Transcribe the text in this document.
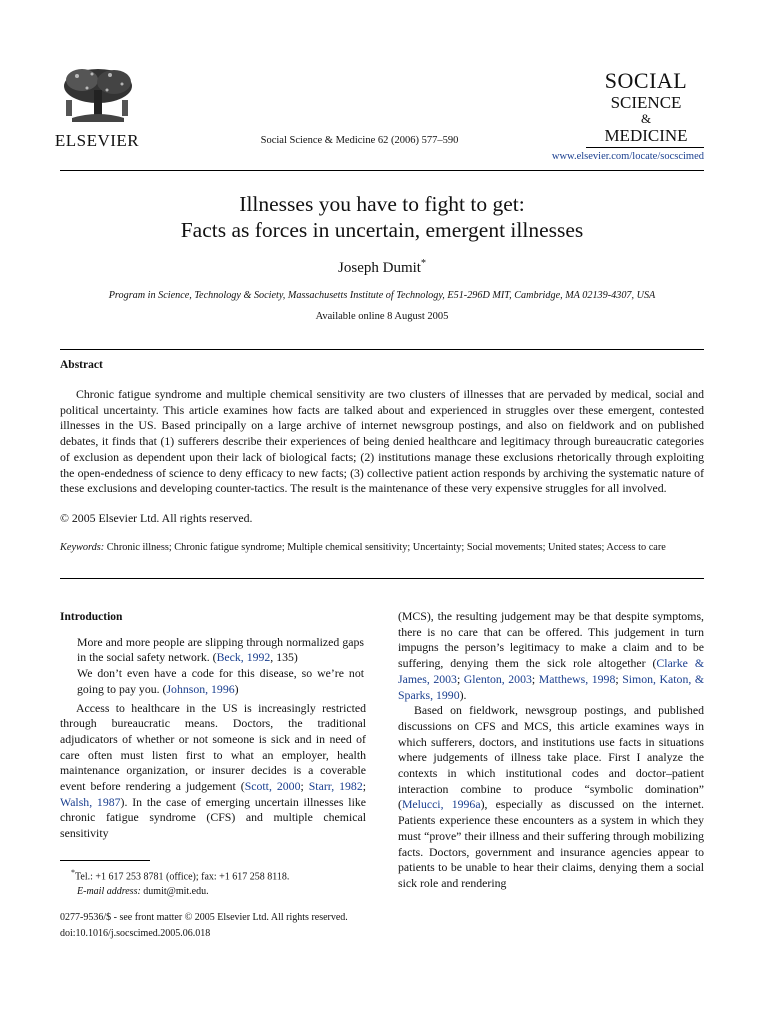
ELSEVIER	Social Science & Medicine 62 (2006) 577–590
SOCIAL
SCIENCE
&
MEDICINE
www.elsevier.com/locate/socscimed
Illnesses you have to fight to get:
Facts as forces in uncertain, emergent illnesses
Joseph Dumit*
Program in Science, Technology & Society, Massachusetts Institute of Technology, E51-296D MIT, Cambridge, MA 02139-4307, USA
Available online 8 August 2005
Abstract

Chronic fatigue syndrome and multiple chemical sensitivity are two clusters of illnesses that are pervaded by medical, social and political uncertainty. This article examines how facts are talked about and experienced in struggles over these emergent, contested illnesses in the US. Based principally on a large archive of internet newsgroup postings, and also on fieldwork and on published debates, it finds that (1) sufferers describe their experiences of being denied healthcare and legitimacy through bureaucratic categories of exclusion as dependent upon their lack of biological facts; (2) institutions manage these exclusions rhetorically through exploiting the open-endedness of science to deny efficacy to new facts; (3) collective patient action responds by archiving the systematic nature of these exclusions and developing counter-tactics. The result is the maintenance of these very expensive struggles for all involved.

© 2005 Elsevier Ltd. All rights reserved.
Keywords: Chronic illness; Chronic fatigue syndrome; Multiple chemical sensitivity; Uncertainty; Social movements; United states; Access to care
Introduction
More and more people are slipping through normalized gaps in the social safety network. (Beck, 1992, 135)
We don’t even have a code for this disease, so we’re not going to pay you. (Johnson, 1996)

Access to healthcare in the US is increasingly restricted through bureaucratic means. Doctors, the traditional adjudicators of whether or not someone is sick and in need of care often must listen first to what an employer, health maintenance organization, or insurer decides is a coverable event before rendering a judgement (Scott, 2000; Starr, 1982; Walsh, 1987). In the case of emerging uncertain illnesses like chronic fatigue syndrome (CFS) and multiple chemical sensitivity

*Tel.: +1 617 253 8781 (office); fax: +1 617 258 8118.
E-mail address: dumit@mit.edu.

(MCS), the resulting judgement may be that despite symptoms, there is no care that can be offered. This judgement in turn impugns the person’s legitimacy to make a claim and to be suffering, denying them the sick role altogether (Clarke & James, 2003; Glenton, 2003; Matthews, 1998; Simon, Katon, & Sparks, 1990).

Based on fieldwork, newsgroup postings, and published discussions on CFS and MCS, this article examines ways in which sufferers, doctors, and institutions use facts in situations where judgements of illness take place. First I analyze the contexts in which institutional codes and doctor–patient interaction combine to produce “symbolic domination” (Melucci, 1996a), especially as discussed on the internet. Patients experience these encounters as a system in which they must “prove” their illness and their suffering through mobilizing facts. Doctors, government and insurance agencies appear to patients to be unable to hear their claims, denying them a social sick role and rendering

0277-9536/$ - see front matter © 2005 Elsevier Ltd. All rights reserved.
doi:10.1016/j.socscimed.2005.06.018
